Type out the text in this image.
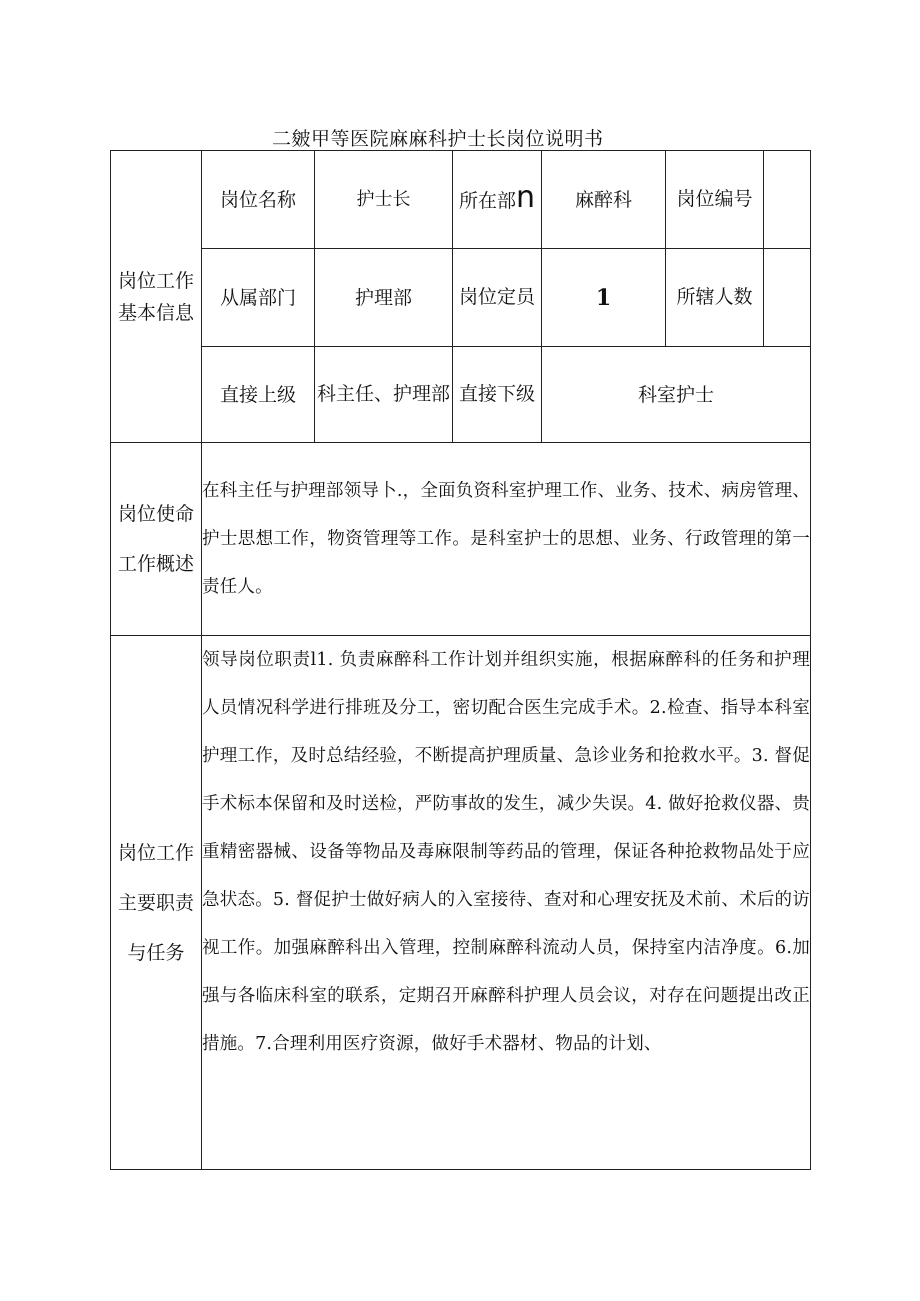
二皴甲等医院麻麻科护士长岗位说明书
岗位工作基本信息	岗位名称	护士长	所在部n	麻醉科	岗位编号	
	从属部门	护理部	岗位定员	1	所辖人数	
	直接上级	科主任、护理部	直接下级	科室护士		
岗位使命工作概述	在科主任与护理部领导卜.，全面负资科室护理工作、业务、技术、病房管理、护士思想工作，物资管理等工作。是科室护士的思想、业务、行政管理的第一责任人。					
岗位工作主要职责与任务	领导岗位职责l1. 负责麻醉科工作计划并组织实施，根据麻醉科的任务和护理人员情况科学进行排班及分工，密切配合医生完成手术。2.检查、指导本科室护理工作，及时总结经验，不断提高护理质量、急诊业务和抢救水平。3. 督促手术标本保留和及时送检，严防事故的发生，减少失误。4. 做好抢救仪器、贵重精密器械、设备等物品及毒麻限制等药品的管理，保证各种抢救物品处于应急状态。5. 督促护士做好病人的入室接待、查对和心理安抚及术前、术后的访视工作。加强麻醉科出入管理，控制麻醉科流动人员，保持室内洁净度。6.加强与各临床科室的联系，定期召开麻醉科护理人员会议，对存在问题提出改正措施。7.合理利用医疗资源，做好手术器材、物品的计划、					
